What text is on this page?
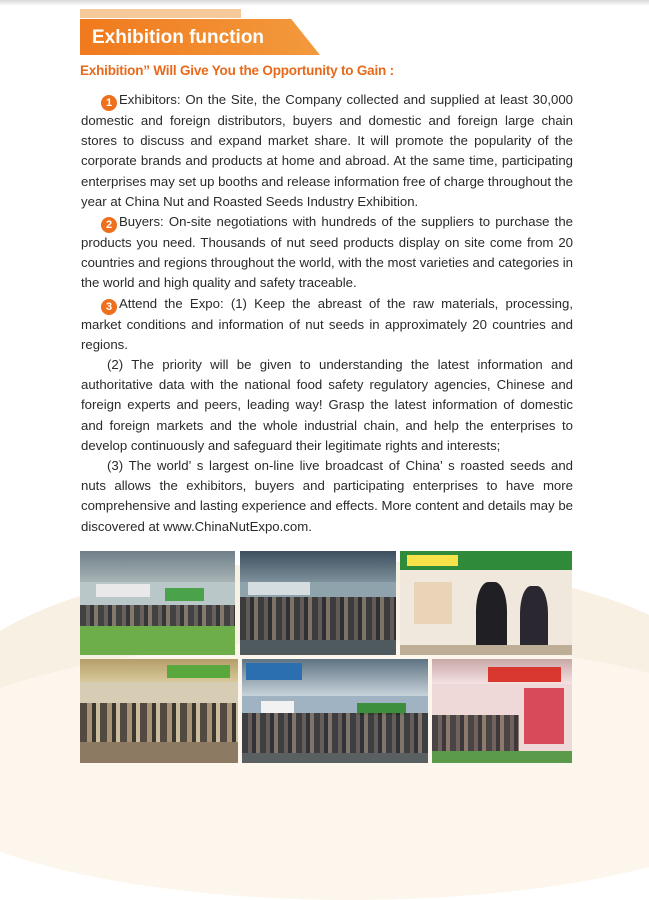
Exhibition function
Exhibition” Will Give You the Opportunity to Gain :

1 Exhibitors: On the Site, the Company collected and supplied at least 30,000 domestic and foreign distributors, buyers and domestic and foreign large chain stores to discuss and expand market share. It will promote the popularity of the corporate brands and products at home and abroad. At the same time, participating enterprises may set up booths and release information free of charge throughout the year at China Nut and Roasted Seeds Industry Exhibition.

2 Buyers: On-site negotiations with hundreds of the suppliers to purchase the products you need. Thousands of nut seed products display on site come from 20 countries and regions throughout the world, with the most varieties and categories in the world and high quality and safety traceable.

3 Attend the Expo: (1) Keep the abreast of the raw materials, processing, market conditions and information of nut seeds in approximately 20 countries and regions.

(2) The priority will be given to understanding the latest information and authoritative data with the national food safety regulatory agencies, Chinese and foreign experts and peers, leading way! Grasp the latest information of domestic and foreign markets and the whole industrial chain, and help the enterprises to develop continuously and safeguard their legitimate rights and interests;

(3) The world’ s largest on-line live broadcast of China’ s roasted seeds and nuts allows the exhibitors, buyers and participating enterprises to have more comprehensive and lasting experience and effects. More content and details may be discovered at www.ChinaNutExpo.com.
